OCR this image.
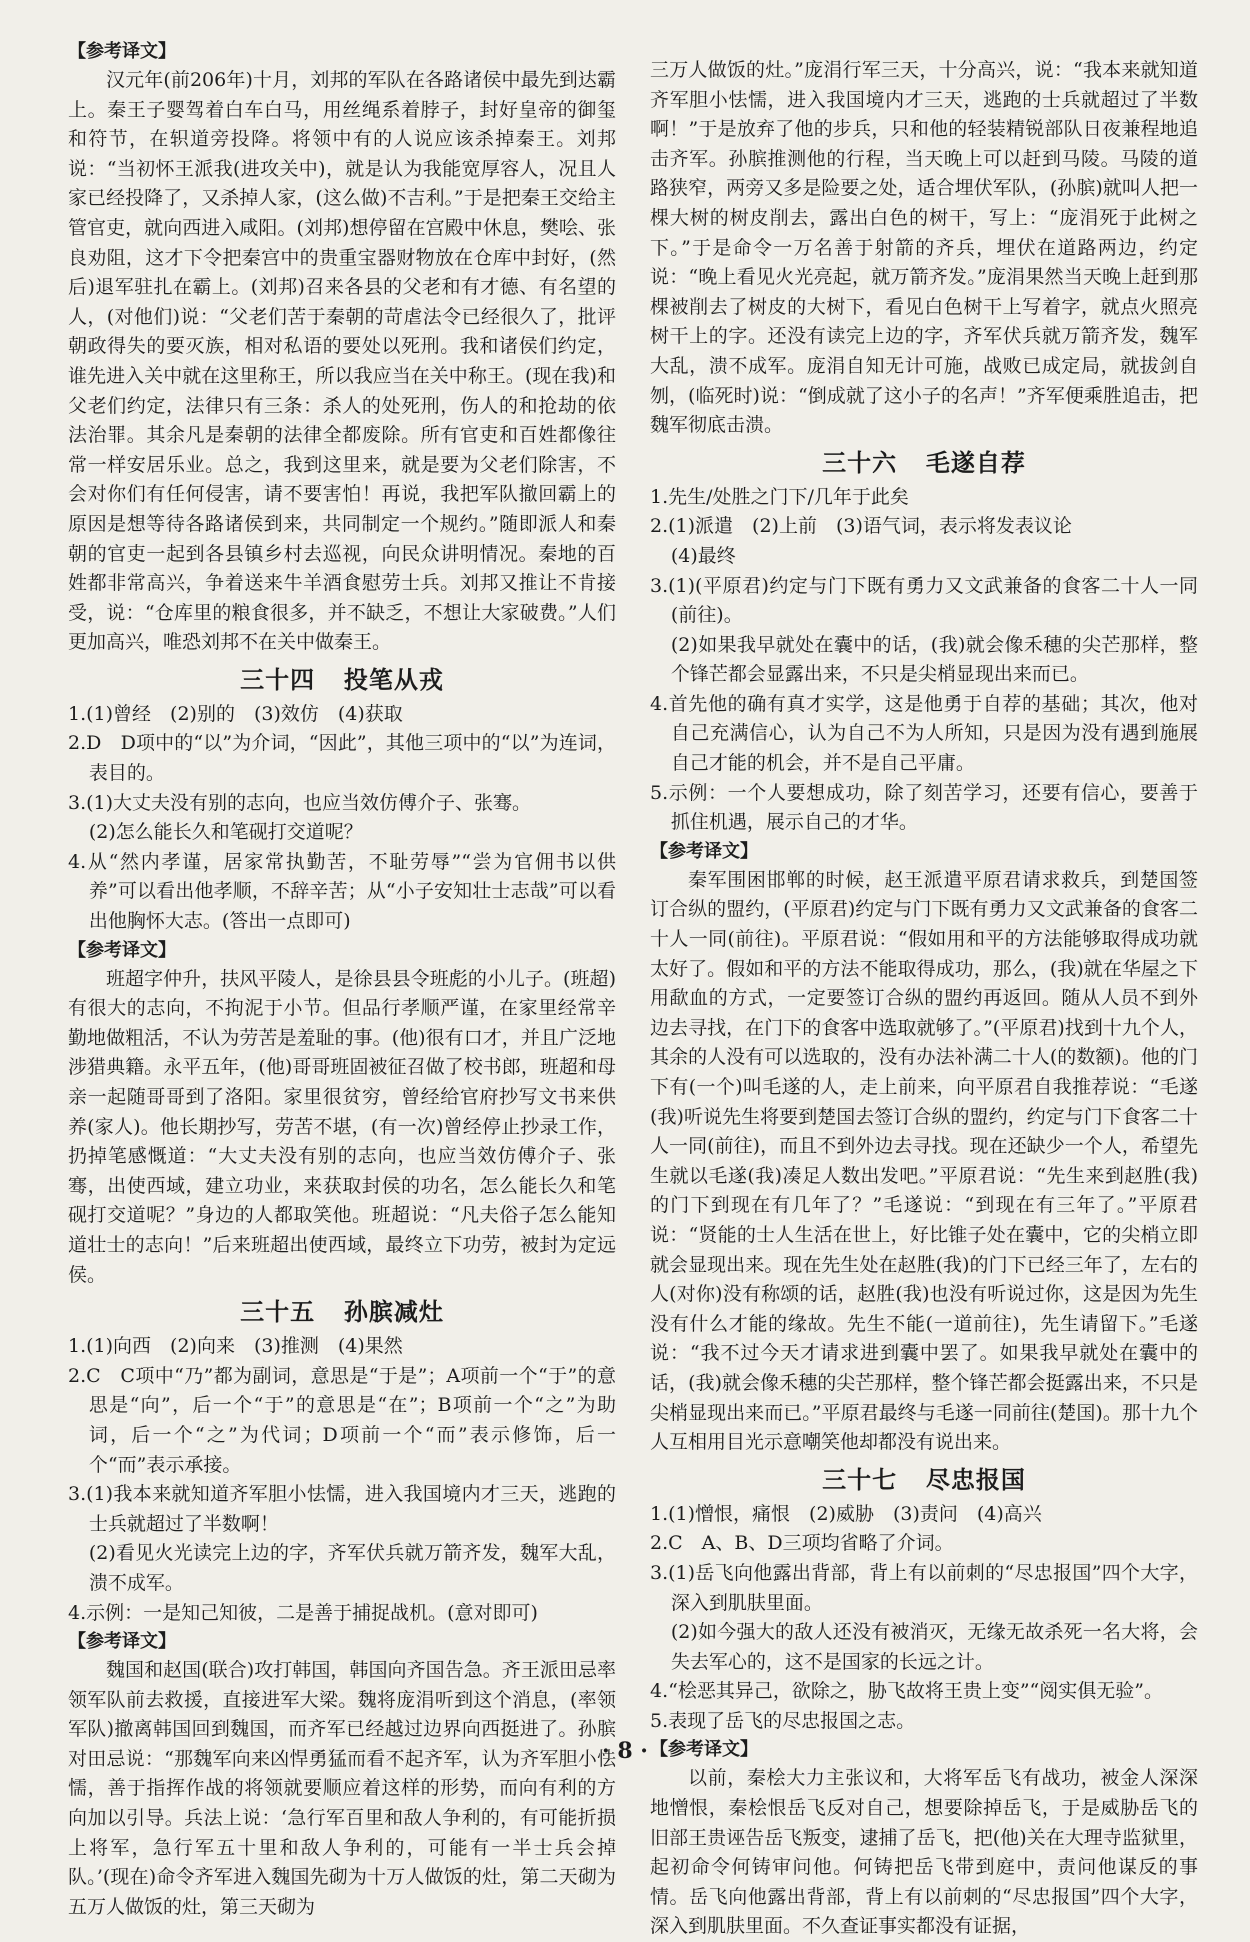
【参考译文】

汉元年(前206年)十月，刘邦的军队在各路诸侯中最先到达霸上。秦王子婴驾着白车白马，用丝绳系着脖子，封好皇帝的御玺和符节，在轵道旁投降。将领中有的人说应该杀掉秦王。刘邦说：“当初怀王派我(进攻关中)，就是认为我能宽厚容人，况且人家已经投降了，又杀掉人家，(这么做)不吉利。”于是把秦王交给主管官吏，就向西进入咸阳。(刘邦)想停留在宫殿中休息，樊哙、张良劝阻，这才下令把秦宫中的贵重宝器财物放在仓库中封好，(然后)退军驻扎在霸上。(刘邦)召来各县的父老和有才德、有名望的人，(对他们)说：“父老们苦于秦朝的苛虐法令已经很久了，批评朝政得失的要灭族，相对私语的要处以死刑。我和诸侯们约定，谁先进入关中就在这里称王，所以我应当在关中称王。(现在我)和父老们约定，法律只有三条：杀人的处死刑，伤人的和抢劫的依法治罪。其余凡是秦朝的法律全都废除。所有官吏和百姓都像往常一样安居乐业。总之，我到这里来，就是要为父老们除害，不会对你们有任何侵害，请不要害怕！再说，我把军队撤回霸上的原因是想等待各路诸侯到来，共同制定一个规约。”随即派人和秦朝的官吏一起到各县镇乡村去巡视，向民众讲明情况。秦地的百姓都非常高兴，争着送来牛羊酒食慰劳士兵。刘邦又推让不肯接受，说：“仓库里的粮食很多，并不缺乏，不想让大家破费。”人们更加高兴，唯恐刘邦不在关中做秦王。

三十四 投笔从戎

1.(1)曾经　(2)别的　(3)效仿　(4)获取

2.D　D项中的“以”为介词，“因此”，其他三项中的“以”为连词，表目的。

3.(1)大丈夫没有别的志向，也应当效仿傅介子、张骞。

(2)怎么能长久和笔砚打交道呢？

4.从“然内孝谨，居家常执勤苦，不耻劳辱”“尝为官佣书以供养”可以看出他孝顺，不辞辛苦；从“小子安知壮士志哉”可以看出他胸怀大志。(答出一点即可)

【参考译文】

班超字仲升，扶风平陵人，是徐县县令班彪的小儿子。(班超)有很大的志向，不拘泥于小节。但品行孝顺严谨，在家里经常辛勤地做粗活，不认为劳苦是羞耻的事。(他)很有口才，并且广泛地涉猎典籍。永平五年，(他)哥哥班固被征召做了校书郎，班超和母亲一起随哥哥到了洛阳。家里很贫穷，曾经给官府抄写文书来供养(家人)。他长期抄写，劳苦不堪，(有一次)曾经停止抄录工作，扔掉笔感慨道：“大丈夫没有别的志向，也应当效仿傅介子、张骞，出使西域，建立功业，来获取封侯的功名，怎么能长久和笔砚打交道呢？”身边的人都取笑他。班超说：“凡夫俗子怎么能知道壮士的志向！”后来班超出使西域，最终立下功劳，被封为定远侯。

三十五 孙膑减灶

1.(1)向西　(2)向来　(3)推测　(4)果然

2.C　C项中“乃”都为副词，意思是“于是”；A项前一个“于”的意思是“向”，后一个“于”的意思是“在”；B项前一个“之”为助词，后一个“之”为代词；D项前一个“而”表示修饰，后一个“而”表示承接。

3.(1)我本来就知道齐军胆小怯懦，进入我国境内才三天，逃跑的士兵就超过了半数啊！

(2)看见火光读完上边的字，齐军伏兵就万箭齐发，魏军大乱，溃不成军。

4.示例：一是知己知彼，二是善于捕捉战机。(意对即可)

【参考译文】

魏国和赵国(联合)攻打韩国，韩国向齐国告急。齐王派田忌率领军队前去救援，直接进军大梁。魏将庞涓听到这个消息，(率领军队)撤离韩国回到魏国，而齐军已经越过边界向西挺进了。孙膑对田忌说：“那魏军向来凶悍勇猛而看不起齐军，认为齐军胆小怯懦，善于指挥作战的将领就要顺应着这样的形势，而向有利的方向加以引导。兵法上说：‘急行军百里和敌人争利的，有可能折损上将军，急行军五十里和敌人争利的，可能有一半士兵会掉队。’(现在)命令齐军进入魏国先砌为十万人做饭的灶，第二天砌为五万人做饭的灶，第三天砌为

三万人做饭的灶。”庞涓行军三天，十分高兴，说：“我本来就知道齐军胆小怯懦，进入我国境内才三天，逃跑的士兵就超过了半数啊！”于是放弃了他的步兵，只和他的轻装精锐部队日夜兼程地追击齐军。孙膑推测他的行程，当天晚上可以赶到马陵。马陵的道路狭窄，两旁又多是险要之处，适合埋伏军队，(孙膑)就叫人把一棵大树的树皮削去，露出白色的树干，写上：“庞涓死于此树之下。”于是命令一万名善于射箭的齐兵，埋伏在道路两边，约定说：“晚上看见火光亮起，就万箭齐发。”庞涓果然当天晚上赶到那棵被削去了树皮的大树下，看见白色树干上写着字，就点火照亮树干上的字。还没有读完上边的字，齐军伏兵就万箭齐发，魏军大乱，溃不成军。庞涓自知无计可施，战败已成定局，就拔剑自刎，(临死时)说：“倒成就了这小子的名声！”齐军便乘胜追击，把魏军彻底击溃。

三十六 毛遂自荐

1.先生/处胜之门下/几年于此矣

2.(1)派遣　(2)上前　(3)语气词，表示将发表议论

(4)最终

3.(1)(平原君)约定与门下既有勇力又文武兼备的食客二十人一同(前往)。

(2)如果我早就处在囊中的话，(我)就会像禾穗的尖芒那样，整个锋芒都会显露出来，不只是尖梢显现出来而已。

4.首先他的确有真才实学，这是他勇于自荐的基础；其次，他对自己充满信心，认为自己不为人所知，只是因为没有遇到施展自己才能的机会，并不是自己平庸。

5.示例：一个人要想成功，除了刻苦学习，还要有信心，要善于抓住机遇，展示自己的才华。

【参考译文】

秦军围困邯郸的时候，赵王派遣平原君请求救兵，到楚国签订合纵的盟约，(平原君)约定与门下既有勇力又文武兼备的食客二十人一同(前往)。平原君说：“假如用和平的方法能够取得成功就太好了。假如和平的方法不能取得成功，那么，(我)就在华屋之下用歃血的方式，一定要签订合纵的盟约再返回。随从人员不到外边去寻找，在门下的食客中选取就够了。”(平原君)找到十九个人，其余的人没有可以选取的，没有办法补满二十人(的数额)。他的门下有(一个)叫毛遂的人，走上前来，向平原君自我推荐说：“毛遂(我)听说先生将要到楚国去签订合纵的盟约，约定与门下食客二十人一同(前往)，而且不到外边去寻找。现在还缺少一个人，希望先生就以毛遂(我)凑足人数出发吧。”平原君说：“先生来到赵胜(我)的门下到现在有几年了？”毛遂说：“到现在有三年了。”平原君说：“贤能的士人生活在世上，好比锥子处在囊中，它的尖梢立即就会显现出来。现在先生处在赵胜(我)的门下已经三年了，左右的人(对你)没有称颂的话，赵胜(我)也没有听说过你，这是因为先生没有什么才能的缘故。先生不能(一道前往)，先生请留下。”毛遂说：“我不过今天才请求进到囊中罢了。如果我早就处在囊中的话，(我)就会像禾穗的尖芒那样，整个锋芒都会挺露出来，不只是尖梢显现出来而已。”平原君最终与毛遂一同前往(楚国)。那十九个人互相用目光示意嘲笑他却都没有说出来。

三十七 尽忠报国

1.(1)憎恨，痛恨　(2)威胁　(3)责问　(4)高兴

2.C　A、B、D三项均省略了介词。

3.(1)岳飞向他露出背部，背上有以前刺的“尽忠报国”四个大字，深入到肌肤里面。

(2)如今强大的敌人还没有被消灭，无缘无故杀死一名大将，会失去军心的，这不是国家的长远之计。

4.“桧恶其异己，欲除之，胁飞故将王贵上变”“阅实俱无验”。

5.表现了岳飞的尽忠报国之志。

【参考译文】

以前，秦桧大力主张议和，大将军岳飞有战功，被金人深深地憎恨，秦桧恨岳飞反对自己，想要除掉岳飞，于是威胁岳飞的旧部王贵诬告岳飞叛变，逮捕了岳飞，把(他)关在大理寺监狱里，起初命令何铸审问他。何铸把岳飞带到庭中，责问他谋反的事情。岳飞向他露出背部，背上有以前刺的“尽忠报国”四个大字，深入到肌肤里面。不久查证事实都没有证据，

· 8 ·
